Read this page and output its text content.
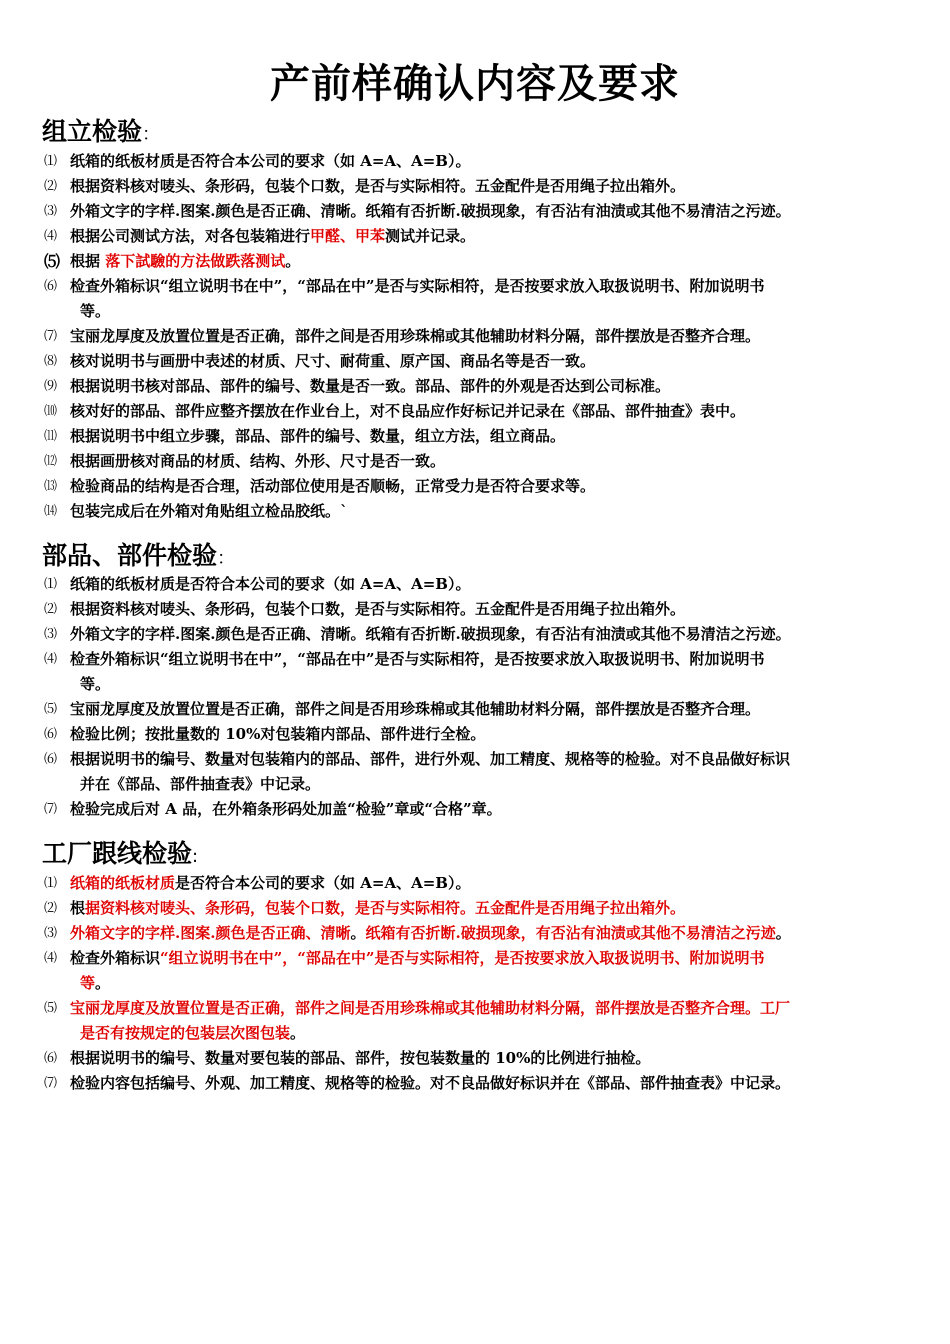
产前样确认内容及要求
组立检验：
⑴ 纸箱的纸板材质是否符合本公司的要求（如 A=A、A=B）。
⑵ 根据资料核对唛头、条形码，包装个口数，是否与实际相符。五金配件是否用绳子拉出箱外。
⑶ 外箱文字的字样.图案.颜色是否正确、清晰。纸箱有否折断.破损现象，有否沾有油渍或其他不易清洁之污迹。
⑷ 根据公司测试方法，对各包装箱进行甲醛、甲苯测试并记录。
⑸ 根据 落下試驗的方法做跌落测试。
⑹ 检查外箱标识“组立说明书在中”，“部品在中”是否与实际相符，是否按要求放入取扱说明书、附加说明书
等。
⑺ 宝丽龙厚度及放置位置是否正确，部件之间是否用珍珠棉或其他辅助材料分隔，部件摆放是否整齐合理。
⑻ 核对说明书与画册中表述的材质、尺寸、耐荷重、原产国、商品名等是否一致。
⑼ 根据说明书核对部品、部件的编号、数量是否一致。部品、部件的外观是否达到公司标准。
⑽ 核对好的部品、部件应整齐摆放在作业台上，对不良品应作好标记并记录在《部品、部件抽查》表中。
⑾ 根据说明书中组立步骤，部品、部件的编号、数量，组立方法，组立商品。
⑿ 根据画册核对商品的材质、结构、外形、尺寸是否一致。
⒀ 检验商品的结构是否合理，活动部位使用是否顺畅，正常受力是否符合要求等。
⒁ 包装完成后在外箱对角贴组立检品胶纸。`
部品、部件检验：
⑴ 纸箱的纸板材质是否符合本公司的要求（如 A=A、A=B）。
⑵ 根据资料核对唛头、条形码，包装个口数，是否与实际相符。五金配件是否用绳子拉出箱外。
⑶ 外箱文字的字样.图案.颜色是否正确、清晰。纸箱有否折断.破损现象，有否沾有油渍或其他不易清洁之污迹。
⑷ 检查外箱标识“组立说明书在中”，“部品在中”是否与实际相符，是否按要求放入取扱说明书、附加说明书
等。
⑸ 宝丽龙厚度及放置位置是否正确，部件之间是否用珍珠棉或其他辅助材料分隔，部件摆放是否整齐合理。
⑹ 检验比例；按批量数的 10%对包装箱内部品、部件进行全检。
⑹ 根据说明书的编号、数量对包装箱内的部品、部件，进行外观、加工精度、规格等的检验。对不良品做好标识
并在《部品、部件抽查表》中记录。
⑺ 检验完成后对 A 品，在外箱条形码处加盖“检验”章或“合格”章。
工厂跟线检验:
⑴ 纸箱的纸板材质是否符合本公司的要求（如 A=A、A=B）。
⑵ 根据资料核对唛头、条形码，包装个口数，是否与实际相符。五金配件是否用绳子拉出箱外。
⑶ 外箱文字的字样.图案.颜色是否正确、清晰。纸箱有否折断.破损现象，有否沾有油渍或其他不易清洁之污迹。
⑷ 检查外箱标识“组立说明书在中”，“部品在中”是否与实际相符，是否按要求放入取扱说明书、附加说明书
等。
⑸ 宝丽龙厚度及放置位置是否正确，部件之间是否用珍珠棉或其他辅助材料分隔，部件摆放是否整齐合理。工厂
是否有按规定的包装层次图包装。
⑹ 根据说明书的编号、数量对要包装的部品、部件，按包装数量的 10%的比例进行抽检。
⑺ 检验内容包括编号、外观、加工精度、规格等的检验。对不良品做好标识并在《部品、部件抽查表》中记录。
